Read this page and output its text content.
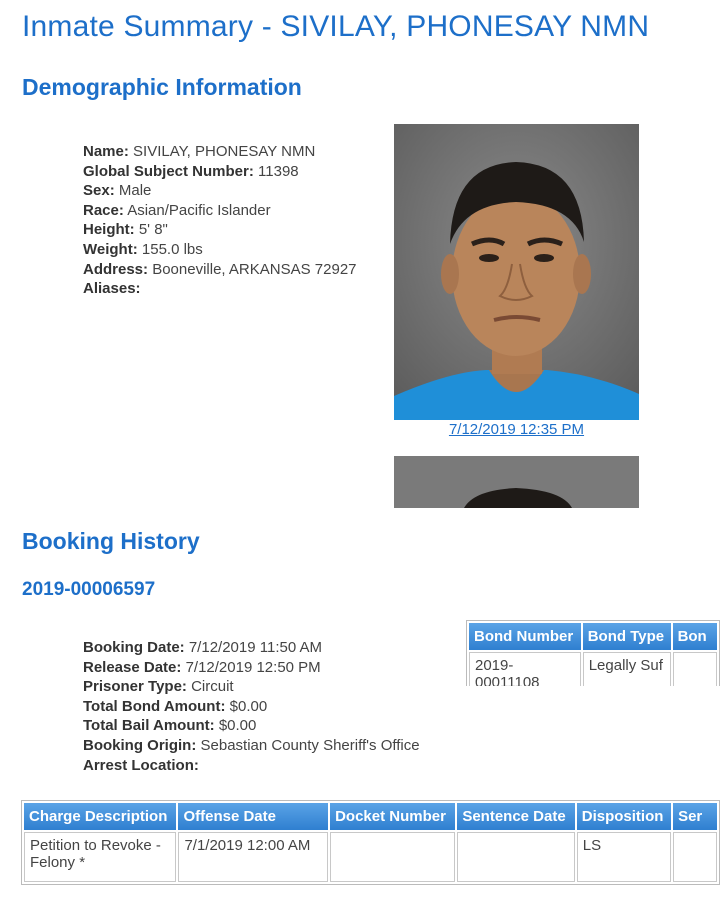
Inmate Summary - SIVILAY, PHONESAY NMN
Demographic Information
Name: SIVILAY, PHONESAY NMN
Global Subject Number: 11398
Sex: Male
Race: Asian/Pacific Islander
Height: 5' 8"
Weight: 155.0 lbs
Address: Booneville, ARKANSAS 72927
Aliases:
7/12/2019 12:35 PM
Booking History
2019-00006597
Booking Date: 7/12/2019 11:50 AM
Release Date: 7/12/2019 12:50 PM
Prisoner Type: Circuit
Total Bond Amount: $0.00
Total Bail Amount: $0.00
Booking Origin: Sebastian County Sheriff's Office
Arrest Location:
Bond Number	Bond Type	Bon
2019-00011108	Legally Suf	
Charge Description	Offense Date	Docket Number	Sentence Date	Disposition	Ser
Petition to Revoke - Felony *	7/1/2019 12:00 AM			LS	
